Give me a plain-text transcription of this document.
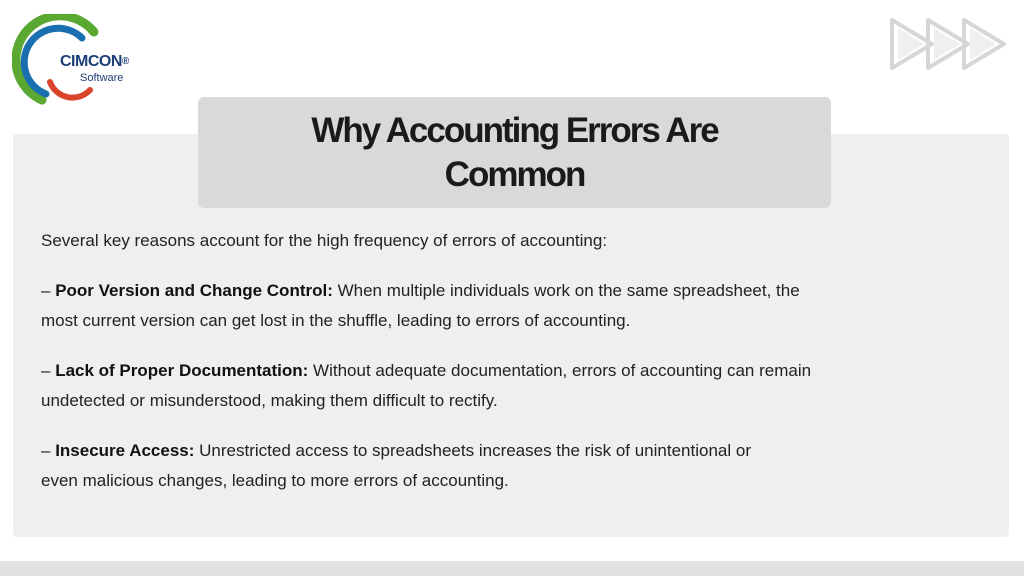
CIMCON®
Software
Why Accounting Errors Are Common

Several key reasons account for the high frequency of errors of accounting:

– Poor Version and Change Control: When multiple individuals work on the same spreadsheet, the
most current version can get lost in the shuffle, leading to errors of accounting.

– Lack of Proper Documentation: Without adequate documentation, errors of accounting can remain
undetected or misunderstood, making them difficult to rectify.

– Insecure Access: Unrestricted access to spreadsheets increases the risk of unintentional or
even malicious changes, leading to more errors of accounting.
